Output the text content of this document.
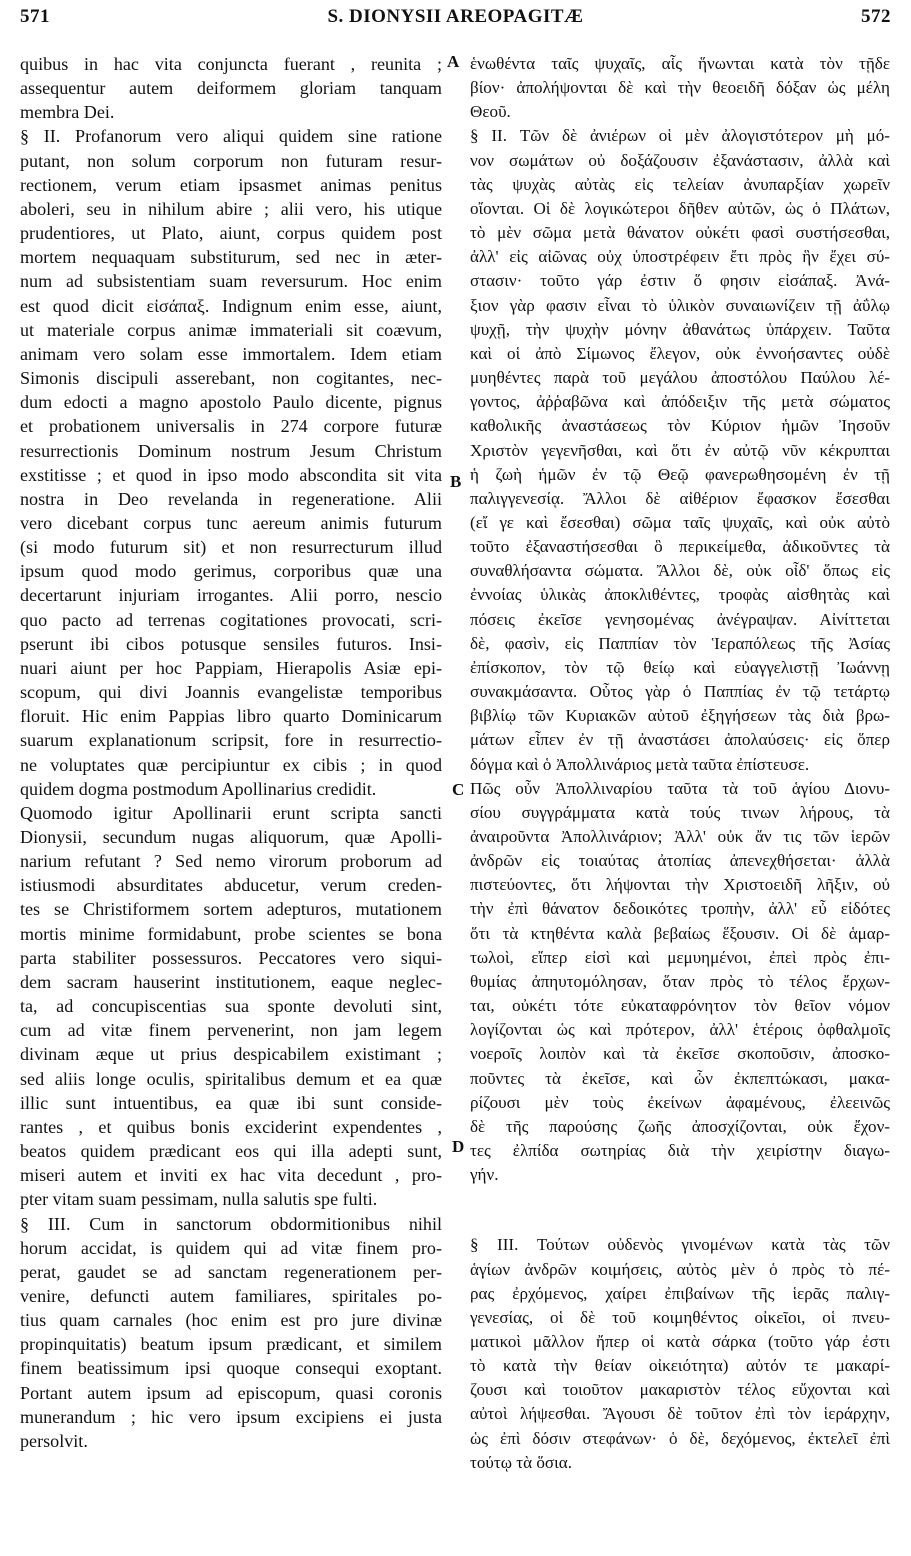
571	S. DIONYSII AREOPAGITÆ	572
quibus in hac vita conjuncta fuerant , reunita ;
assequentur autem deiformem gloriam tanquam
membra Dei.
§ II. Profanorum vero aliqui quidem sine ratione
putant, non solum corporum non futuram resur-
rectionem, verum etiam ipsasmet animas penitus
aboleri, seu in nihilum abire ; alii vero, his utique
prudentiores, ut Plato, aiunt, corpus quidem post
mortem nequaquam substiturum, sed nec in æter-
num ad subsistentiam suam reversurum. Hoc enim
est quod dicit εἰσάπαξ. Indignum enim esse, aiunt,
ut materiale corpus animæ immateriali sit coævum,
animam vero solam esse immortalem. Idem etiam
Simonis discipuli asserebant, non cogitantes, nec-
dum edocti a magno apostolo Paulo dicente, pignus
et probationem universalis in 274 corpore futuræ
resurrectionis Dominum nostrum Jesum Christum
exstitisse ; et quod in ipso modo abscondita sit vita
nostra in Deo revelanda in regeneratione. Alii
vero dicebant corpus tunc aereum animis futurum
(si modo futurum sit) et non resurrecturum illud
ipsum quod modo gerimus, corporibus quæ una
decertarunt injuriam irrogantes. Alii porro, nescio
quo pacto ad terrenas cogitationes provocati, scri-
pserunt ibi cibos potusque sensiles futuros. Insi-
nuari aiunt per hoc Pappiam, Hierapolis Asiæ epi-
scopum, qui divi Joannis evangelistæ temporibus
floruit. Hic enim Pappias libro quarto Dominicarum
suarum explanationum scripsit, fore in resurrectio-
ne voluptates quæ percipiuntur ex cibis ; in quod
quidem dogma postmodum Apollinarius credidit.
Quomodo igitur Apollinarii erunt scripta sancti
Dionysii, secundum nugas aliquorum, quæ Apolli-
narium refutant ? Sed nemo virorum proborum ad
istiusmodi absurditates abducetur, verum creden-
tes se Christiformem sortem adepturos, mutationem
mortis minime formidabunt, probe scientes se bona
parta stabiliter possessuros. Peccatores vero siqui-
dem sacram hauserint institutionem, eaque neglec-
ta, ad concupiscentias sua sponte devoluti sint,
cum ad vitæ finem pervenerint, non jam legem
divinam æque ut prius despicabilem existimant ;
sed aliis longe oculis, spiritalibus demum et ea quæ
illic sunt intuentibus, ea quæ ibi sunt conside-
rantes , et quibus bonis exciderint expendentes ,
beatos quidem prædicant eos qui illa adepti sunt,
miseri autem et inviti ex hac vita decedunt , pro-
pter vitam suam pessimam, nulla salutis spe fulti.
§ III. Cum in sanctorum obdormitionibus nihil
horum accidat, is quidem qui ad vitæ finem pro-
perat, gaudet se ad sanctam regenerationem per-
venire, defuncti autem familiares, spiritales po-
tius quam carnales (hoc enim est pro jure divinæ
propinquitatis) beatum ipsum prædicant, et similem
finem beatissimum ipsi quoque consequi exoptant.
Portant autem ipsum ad episcopum, quasi coronis
munerandum ; hic vero ipsum excipiens ei justa
persolvit.
ἑνωθέντα ταῖς ψυχαῖς, αἷς ἥνωνται κατὰ τὸν τῇδε
βίον· ἀπολήψονται δὲ καὶ τὴν θεοειδῆ δόξαν ὡς μέλη
Θεοῦ.
§ II. Τῶν δὲ ἀνιέρων οἱ μὲν ἀλογιστότερον μὴ μό-
νον σωμάτων οὐ δοξάζουσιν ἐξανάστασιν, ἀλλὰ καὶ
τὰς ψυχὰς αὐτὰς εἰς τελείαν ἀνυπαρξίαν χωρεῖν
οἴονται. Οἱ δὲ λογικώτεροι δῆθεν αὐτῶν, ὡς ὁ Πλάτων,
τὸ μὲν σῶμα μετὰ θάνατον οὐκέτι φασὶ συστήσεσθαι,
ἀλλ' εἰς αἰῶνας οὐχ ὑποστρέφειν ἔτι πρὸς ἣν ἔχει σύ-
στασιν· τοῦτο γάρ ἐστιν ὅ φησιν εἰσάπαξ. Ἀνά-
ξιον γὰρ φασιν εἶναι τὸ ὑλικὸν συναιωνίζειν τῇ ἀΰλῳ
ψυχῇ, τὴν ψυχὴν μόνην ἀθανάτως ὑπάρχειν. Ταῦτα
καὶ οἱ ἀπὸ Σίμωνος ἔλεγον, οὐκ ἐννοήσαντες οὐδὲ
μυηθέντες παρὰ τοῦ μεγάλου ἀποστόλου Παύλου λέ-
γοντος, ἀῤῥαβῶνα καὶ ἀπόδειξιν τῆς μετὰ σώματος
καθολικῆς ἀναστάσεως τὸν Κύριον ἡμῶν Ἰησοῦν
Χριστὸν γεγενῆσθαι, καὶ ὅτι ἐν αὐτῷ νῦν κέκρυπται
ἡ ζωὴ ἡμῶν ἐν τῷ Θεῷ φανερωθησομένη ἐν τῇ
παλιγγενεσίᾳ. Ἄλλοι δὲ αἰθέριον ἔφασκον ἔσεσθαι
(εἴ γε καὶ ἔσεσθαι) σῶμα ταῖς ψυχαῖς, καὶ οὐκ αὐτὸ
τοῦτο ἐξαναστήσεσθαι ὃ περικείμεθα, ἀδικοῦντες τὰ
συναθλήσαντα σώματα. Ἄλλοι δὲ, οὐκ οἶδ' ὅπως εἰς
ἐννοίας ὑλικὰς ἀποκλιθέντες, τροφὰς αἰσθητὰς καὶ
πόσεις ἐκεῖσε γενησομένας ἀνέγραψαν. Αἰνίττεται
δὲ, φασὶν, εἰς Παππίαν τὸν Ἱεραπόλεως τῆς Ἀσίας
ἐπίσκοπον, τὸν τῷ θείῳ καὶ εὐαγγελιστῇ Ἰωάννῃ
συνακμάσαντα. Οὗτος γὰρ ὁ Παππίας ἐν τῷ τετάρτῳ
βιβλίῳ τῶν Κυριακῶν αὐτοῦ ἐξηγήσεων τὰς διὰ βρω-
μάτων εἶπεν ἐν τῇ ἀναστάσει ἀπολαύσεις· εἰς ὅπερ
δόγμα καὶ ὁ Ἀπολλινάριος μετὰ ταῦτα ἐπίστευσε.
Πῶς οὖν Ἀπολλιναρίου ταῦτα τὰ τοῦ ἁγίου Διονυ-
σίου συγγράμματα κατὰ τούς τινων λήρους, τὰ
ἀναιροῦντα Ἀπολλινάριον; Ἀλλ' οὐκ ἄν τις τῶν ἱερῶν
ἀνδρῶν εἰς τοιαύτας ἀτοπίας ἀπενεχθήσεται· ἀλλὰ
πιστεύοντες, ὅτι λήψονται τὴν Χριστοειδῆ λῆξιν, οὐ
τὴν ἐπὶ θάνατον δεδοικότες τροπὴν, ἀλλ' εὖ εἰδότες
ὅτι τὰ κτηθέντα καλὰ βεβαίως ἕξουσιν. Οἱ δὲ ἁμαρ-
τωλοὶ, εἴπερ εἰσὶ καὶ μεμυημένοι, ἐπεὶ πρὸς ἐπι-
θυμίας ἀπηυτομόλησαν, ὅταν πρὸς τὸ τέλος ἔρχων-
ται, οὐκέτι τότε εὐκαταφρόνητον τὸν θεῖον νόμον
λογίζονται ὡς καὶ πρότερον, ἀλλ' ἑτέροις ὀφθαλμοῖς
νοεροῖς λοιπὸν καὶ τὰ ἐκεῖσε σκοποῦσιν, ἀποσκο-
ποῦντες τὰ ἐκεῖσε, καὶ ὧν ἐκπεπτώκασι, μακα-
ρίζουσι μὲν τοὺς ἐκείνων ἀφαμένους, ἐλεεινῶς
δὲ τῆς παρούσης ζωῆς ἀποσχίζονται, οὐκ ἔχον-
τες ἐλπίδα σωτηρίας διὰ τὴν χειρίστην διαγω-
γήν.
§ III. Τούτων οὐδενὸς γινομένων κατὰ τὰς τῶν
ἁγίων ἀνδρῶν κοιμήσεις, αὐτὸς μὲν ὁ πρὸς τὸ πέ-
ρας ἐρχόμενος, χαίρει ἐπιβαίνων τῆς ἱερᾶς παλιγ-
γενεσίας, οἱ δὲ τοῦ κοιμηθέντος οἰκεῖοι, οἱ πνευ-
ματικοὶ μᾶλλον ἤπερ οἱ κατὰ σάρκα (τοῦτο γάρ ἐστι
τὸ κατὰ τὴν θείαν οἰκειότητα) αὐτόν τε μακαρί-
ζουσι καὶ τοιοῦτον μακαριστὸν τέλος εὔχονται καὶ
αὐτοὶ λήψεσθαι. Ἄγουσι δὲ τοῦτον ἐπὶ τὸν ἱεράρχην,
ὡς ἐπὶ δόσιν στεφάνων· ὁ δὲ, δεχόμενος, ἐκτελεῖ ἐπὶ
τούτῳ τὰ ὅσια.
A
B
C
D
